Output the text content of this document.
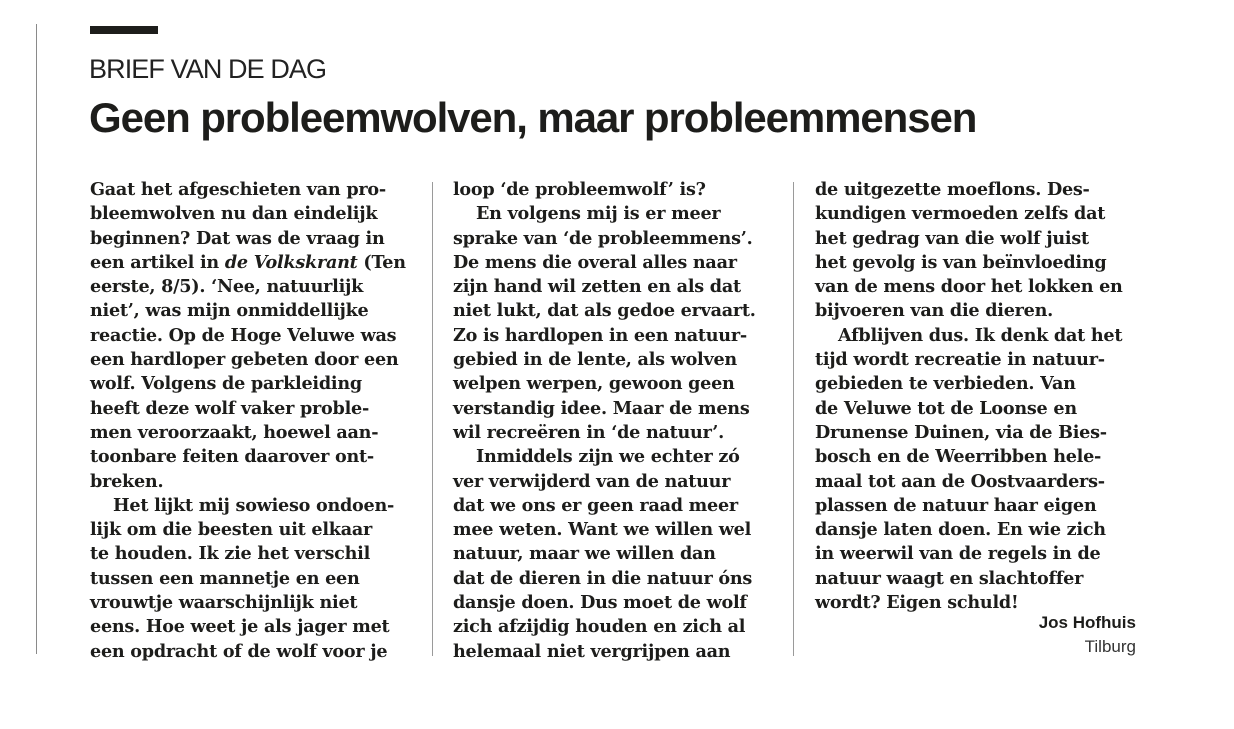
BRIEF VAN DE DAG
Geen probleemwolven, maar probleemmensen
Gaat het afgeschieten van pro-
bleemwolven nu dan eindelijk
beginnen? Dat was de vraag in
een artikel in de Volkskrant (Ten
eerste, 8/5). ‘Nee, natuurlijk
niet’, was mijn onmiddellijke
reactie. Op de Hoge Veluwe was
een hardloper gebeten door een
wolf. Volgens de parkleiding
heeft deze wolf vaker proble-
men veroorzaakt, hoewel aan-
toonbare feiten daarover ont-
breken.
Het lijkt mij sowieso ondoen-
lijk om die beesten uit elkaar
te houden. Ik zie het verschil
tussen een mannetje en een
vrouwtje waarschijnlijk niet
eens. Hoe weet je als jager met
een opdracht of de wolf voor je
loop ‘de probleemwolf’ is?
En volgens mij is er meer
sprake van ‘de probleemmens’.
De mens die overal alles naar
zijn hand wil zetten en als dat
niet lukt, dat als gedoe ervaart.
Zo is hardlopen in een natuur-
gebied in de lente, als wolven
welpen werpen, gewoon geen
verstandig idee. Maar de mens
wil recreëren in ‘de natuur’.
Inmiddels zijn we echter zó
ver verwijderd van de natuur
dat we ons er geen raad meer
mee weten. Want we willen wel
natuur, maar we willen dan
dat de dieren in die natuur óns
dansje doen. Dus moet de wolf
zich afzijdig houden en zich al
helemaal niet vergrijpen aan
de uitgezette moeflons. Des-
kundigen vermoeden zelfs dat
het gedrag van die wolf juist
het gevolg is van beïnvloeding
van de mens door het lokken en
bijvoeren van die dieren.
Afblijven dus. Ik denk dat het
tijd wordt recreatie in natuur-
gebieden te verbieden. Van
de Veluwe tot de Loonse en
Drunense Duinen, via de Bies-
bosch en de Weerribben hele-
maal tot aan de Oostvaarders-
plassen de natuur haar eigen
dansje laten doen. En wie zich
in weerwil van de regels in de
natuur waagt en slachtoffer
wordt? Eigen schuld!
Jos Hofhuis
Tilburg
